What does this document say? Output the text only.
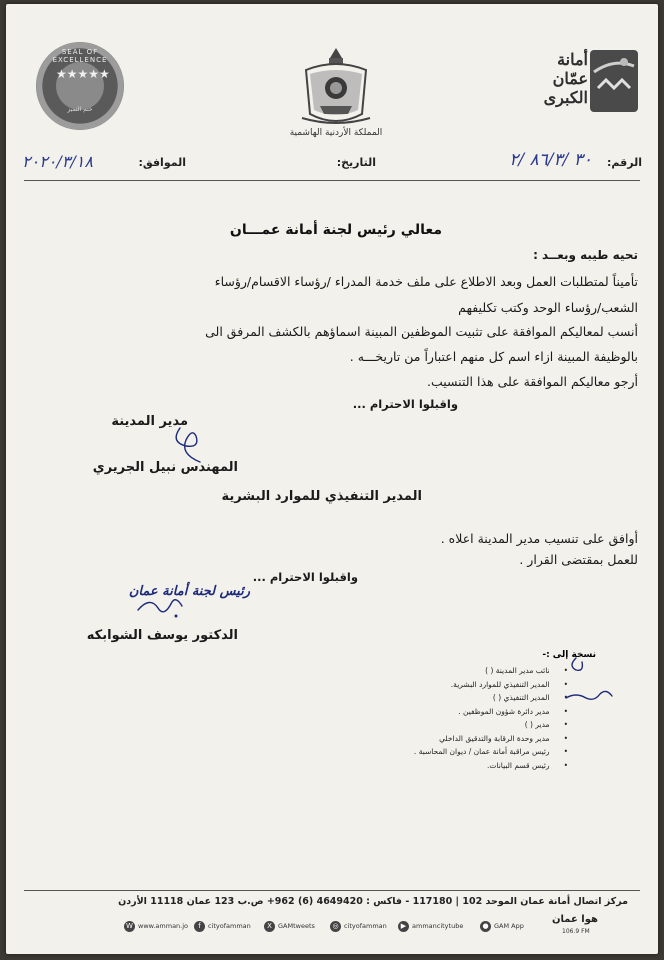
SEAL OF EXCELLENCE
★★★★★
ختم التميز
المملكة الأردنية الهاشمية
أمانة
عمّان
الكبرى
الرقم:
٣٠ /٨٦/٣ /٢
التاريخ:
الموافق:
٢٠٢٠/٣/١٨
معالي رئيس لجنة أمانة عمـــان
تحيه طيبه وبعــد :
تأميناً لمتطلبات العمل وبعد الاطلاع على ملف خدمة المدراء /رؤساء الاقسام/رؤساء
الشعب/رؤساء الوحد وكتب تكليفهم
أنسب لمعاليكم الموافقة على تثبيت الموظفين المبينة اسماؤهم بالكشف المرفق الى
بالوظيفة المبينة ازاء اسم كل منهم اعتباراً من تاريخـــه .
أرجو معاليكم الموافقة على هذا التنسيب.
واقبلوا الاحترام ...
مدير المدينة
المهندس نبيل الجريري
المدير التنفيذي للموارد البشرية
أوافق على تنسيب مدير المدينة اعلاه .
للعمل بمقتضى القرار .
واقبلوا الاحترام ...
رئيس لجنة أمانة عمان
الدكتور يوسف الشوابكه
نسخة إلى :-
• نائب مدير المدينة ( )
• المدير التنفيذي للموارد البشرية.
• المدير التنفيذي ( )
• مدير دائرة شؤون الموظفين .
• مدير ( )
• مدير وحدة الرقابة والتدقيق الداخلي
• رئيس مراقبة أمانة عمان / ديوان المحاسبة .
• رئيس قسم البيانات.
مركز اتصال أمانة عمان الموحد 102 | 117180 - فاكس : 4649420 (6) 962+ ص.ب 123 عمان 11118 الأردن
W www.amman.jo	f	cityofamman	X GAMtweets	◎ cityofamman	▶ ammancitytube	● GAM App
هوا عمان
106.9 FM
